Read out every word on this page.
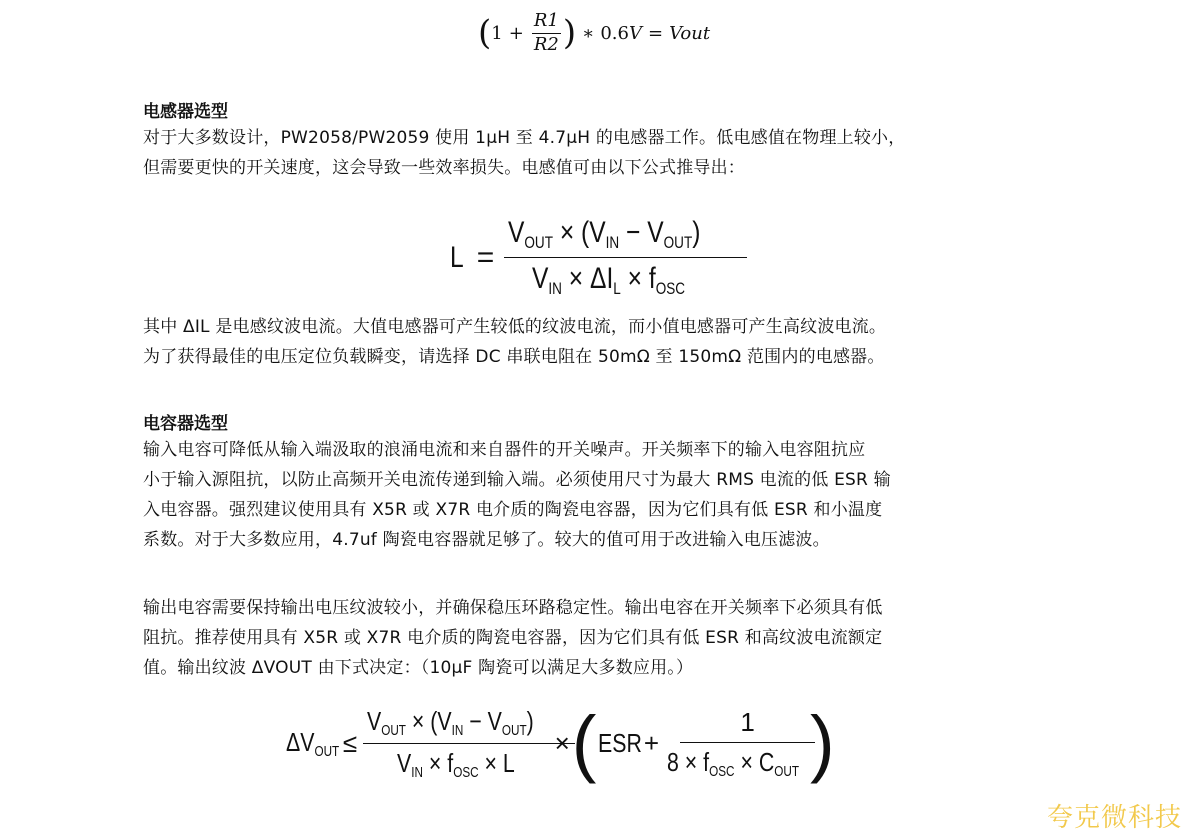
( $1 + \frac{R1}{R2}$ ) ∗ 0.6 V = Vout
电感器选型
对于大多数设计，PW2058/PW2059 使用 1μH 至 4.7μH 的电感器工作。低电感值在物理上较小，
但需要更快的开关速度，这会导致一些效率损失。电感值可由以下公式推导出：
$L = \frac{V_{OUT} \times (V_{IN} - V_{OUT})}{V_{IN} \times \Delta I_L \times f_{OSC}}$
其中 ΔIL 是电感纹波电流。大值电感器可产生较低的纹波电流，而小值电感器可产生高纹波电流。
为了获得最佳的电压定位负载瞬变，请选择 DC 串联电阻在 50mΩ 至 150mΩ 范围内的电感器。
电容器选型
输入电容可降低从输入端汲取的浪涌电流和来自器件的开关噪声。开关频率下的输入电容阻抗应
小于输入源阻抗，以防止高频开关电流传递到输入端。必须使用尺寸为最大 RMS 电流的低 ESR 输
入电容器。强烈建议使用具有 X5R 或 X7R 电介质的陶瓷电容器，因为它们具有低 ESR 和小温度
系数。对于大多数应用，4.7uf 陶瓷电容器就足够了。较大的值可用于改进输入电压滤波。
输出电容需要保持输出电压纹波较小，并确保稳压环路稳定性。输出电容在开关频率下必须具有低
阻抗。推荐使用具有 X5R 或 X7R 电介质的陶瓷电容器，因为它们具有低 ESR 和高纹波电流额定
值。输出纹波 ΔVOUT 由下式决定：（10μF 陶瓷可以满足大多数应用。）
$\Delta V_{OUT} \le \frac{V_{OUT} \times (V_{IN} - V_{OUT})}{V_{IN} \times f_{OSC} \times L}$
× ( ESR + $\frac{1}{8 \times f_{OSC} \times C_{OUT}}$
)
夸克微科技
